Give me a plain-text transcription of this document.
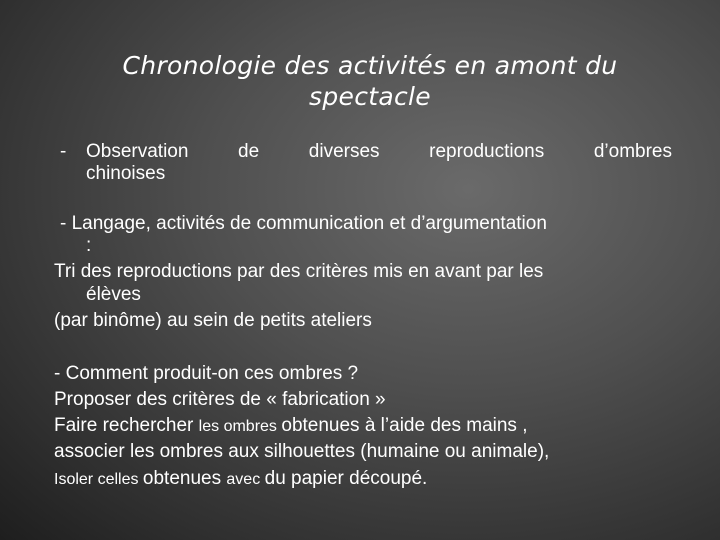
Chronologie des activités en amont du
spectacle
- Observation	de	diverses	reproductions	d’ombres
chinoises
- Langage, activités de communication et d’argumentation
:
Tri des reproductions par des critères mis en avant par les
élèves
(par binôme) au sein de petits ateliers
- Comment produit-on ces ombres ?
Proposer des critères de « fabrication »
Faire rechercher les ombres obtenues à l’aide des mains ,
associer les ombres aux silhouettes (humaine ou animale),
Isoler celles obtenues avec du papier découpé.
